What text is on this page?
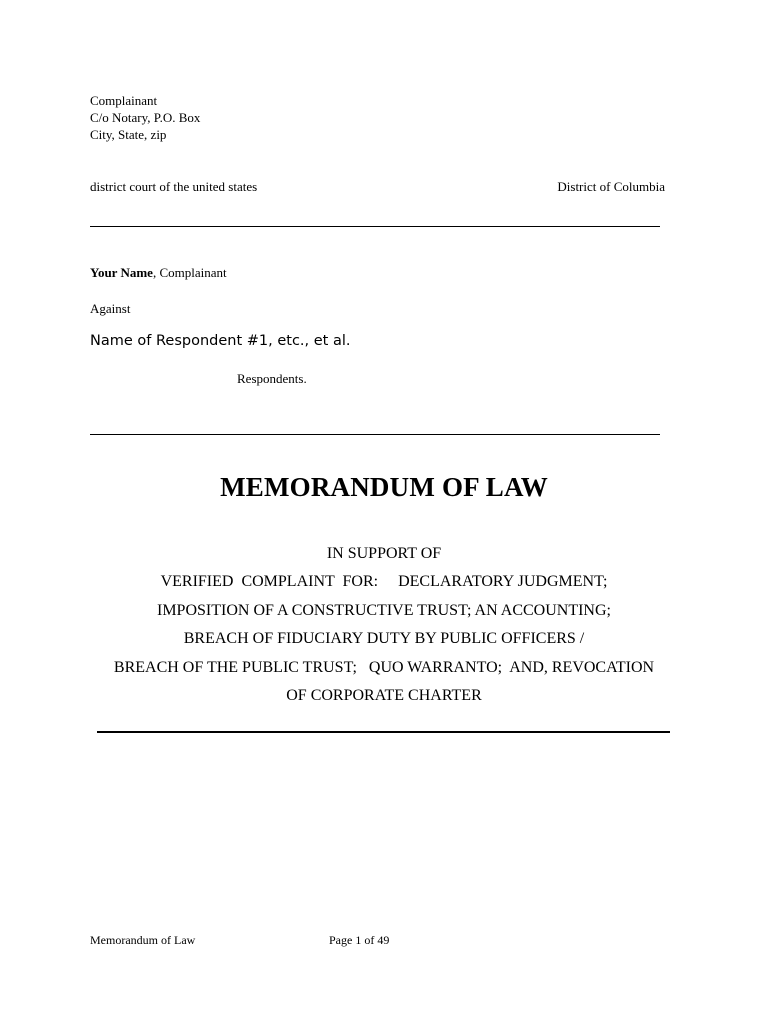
Complainant
C/o Notary, P.O. Box
City, State, zip
district court of the united states	District of Columbia
Your Name, Complainant
Against
Name of Respondent #1, etc., et al.
Respondents.
MEMORANDUM OF LAW
IN SUPPORT OF
VERIFIED  COMPLAINT  FOR:     DECLARATORY JUDGMENT;
IMPOSITION OF A CONSTRUCTIVE TRUST; AN ACCOUNTING;
BREACH OF FIDUCIARY DUTY BY PUBLIC OFFICERS /
BREACH OF THE PUBLIC TRUST;   QUO WARRANTO;  AND, REVOCATION
OF CORPORATE CHARTER
Memorandum of Law	Page 1 of 49
